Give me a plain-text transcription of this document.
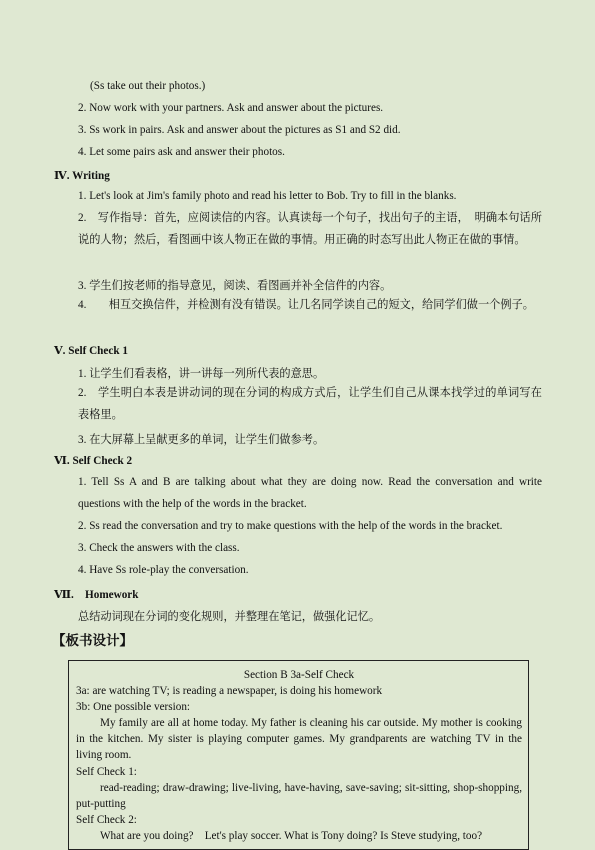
(Ss take out their photos.)
2. Now work with your partners. Ask and answer about the pictures.
3. Ss work in pairs. Ask and answer about the pictures as S1 and S2 did.
4. Let some pairs ask and answer their photos.
Ⅳ. Writing
1. Let's look at Jim's family photo and read his letter to Bob. Try to fill in the blanks.
2.　写作指导：首先，应阅读信的内容。认真读每一个句子，找出句子的主语，　明确本句话所说的人物；然后，看图画中该人物正在做的事情。用正确的时态写出此人物正在做的事情。
3. 学生们按老师的指导意见，阅读、看图画并补全信件的内容。
4.　　相互交换信件，并检测有没有错误。让几名同学读自己的短文，给同学们做一个例子。
Ⅴ. Self Check 1
1. 让学生们看表格，讲一讲每一列所代表的意思。
2.　学生明白本表是讲动词的现在分词的构成方式后，让学生们自己从课本找学过的单词写在表格里。
3. 在大屏幕上呈献更多的单词，让学生们做参考。
Ⅵ. Self Check 2
1. Tell Ss A and B are talking about what they are doing now. Read the conversation and write questions with the help of the words in the bracket.
2. Ss read the conversation and try to make questions with the help of the words in the bracket.
3. Check the answers with the class.
4. Have Ss role-play the conversation.
Ⅶ.　Homework
总结动词现在分词的变化规则，并整理在笔记，做强化记忆。
【板书设计】
Section B 3a-Self Check
3a: are watching TV; is reading a newspaper, is doing his homework
3b: One possible version:
My family are all at home today. My father is cleaning his car outside. My mother is cooking in the kitchen. My sister is playing computer games. My grandparents are watching TV in the living room.
Self Check 1:
read-reading; draw-drawing; live-living, have-having, save-saving; sit-sitting, shop-shopping, put-putting
Self Check 2:
What are you doing?　Let's play soccer. What is Tony doing? Is Steve studying, too?
